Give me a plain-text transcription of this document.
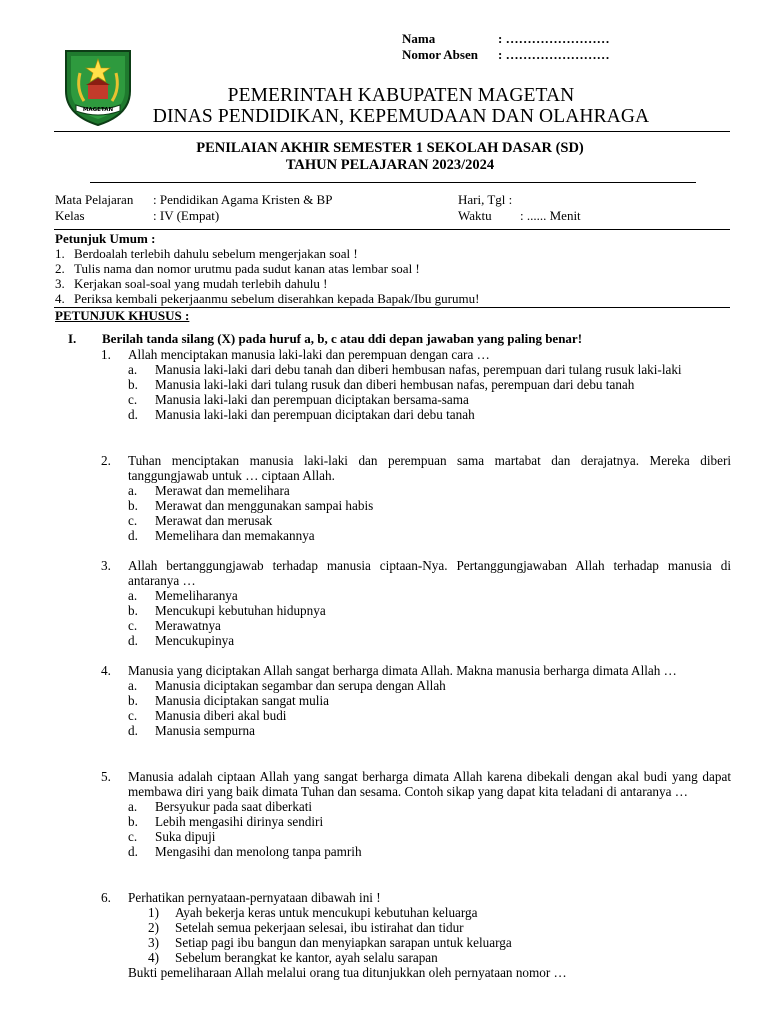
Nama	: ……………………
Nomor Absen	: ……………………
MAGETAN
PEMERINTAH KABUPATEN MAGETAN
DINAS PENDIDIKAN, KEPEMUDAAN DAN OLAHRAGA
PENILAIAN AKHIR SEMESTER 1 SEKOLAH DASAR (SD)
TAHUN PELAJARAN 2023/2024
Mata Pelajaran	: Pendidikan Agama Kristen & BP
Kelas	: IV (Empat)
Hari, Tgl :
Waktu : ...... Menit
Petunjuk Umum :
1. Berdoalah terlebih dahulu sebelum mengerjakan soal !
2. Tulis nama dan nomor urutmu pada sudut kanan atas lembar soal !
3. Kerjakan soal-soal yang mudah terlebih dahulu !
4. Periksa kembali pekerjaanmu sebelum diserahkan kepada Bapak/Ibu gurumu!
PETUNJUK KHUSUS :
I.	Berilah tanda silang (X) pada huruf a, b, c atau ddi depan jawaban yang paling benar!
1.	Allah menciptakan manusia laki-laki dan perempuan dengan cara …
a.	Manusia laki-laki dari debu tanah dan diberi hembusan nafas, perempuan dari tulang rusuk laki-laki
b.	Manusia laki-laki dari tulang rusuk dan diberi hembusan nafas, perempuan dari debu tanah
c.	Manusia laki-laki dan perempuan diciptakan bersama-sama
d.	Manusia laki-laki dan perempuan diciptakan dari debu tanah
2.	Tuhan menciptakan manusia laki-laki dan perempuan sama martabat dan derajatnya. Mereka diberi tanggungjawab untuk … ciptaan Allah.
a.	Merawat dan memelihara
b.	Merawat dan menggunakan sampai habis
c.	Merawat dan merusak
d.	Memelihara dan memakannya
3.	Allah bertanggungjawab terhadap manusia ciptaan-Nya. Pertanggungjawaban Allah terhadap manusia di antaranya …
a.	Memeliharanya
b.	Mencukupi kebutuhan hidupnya
c.	Merawatnya
d.	Mencukupinya
4.	Manusia yang diciptakan Allah sangat berharga dimata Allah. Makna manusia berharga dimata Allah …
a.	Manusia diciptakan segambar dan serupa dengan Allah
b.	Manusia diciptakan sangat mulia
c.	Manusia diberi akal budi
d.	Manusia sempurna
5.	Manusia adalah ciptaan Allah yang sangat berharga dimata Allah karena dibekali dengan akal budi yang dapat membawa diri yang baik dimata Tuhan dan sesama. Contoh sikap yang dapat kita teladani di antaranya …
a.	Bersyukur pada saat diberkati
b.	Lebih mengasihi dirinya sendiri
c.	Suka dipuji
d.	Mengasihi dan menolong tanpa pamrih
6.	Perhatikan pernyataan-pernyataan dibawah ini !
1)	Ayah bekerja keras untuk mencukupi kebutuhan keluarga
2)	Setelah semua pekerjaan selesai, ibu istirahat dan tidur
3)	Setiap pagi ibu bangun dan menyiapkan sarapan untuk keluarga
4)	Sebelum berangkat ke kantor, ayah selalu sarapan
Bukti pemeliharaan Allah melalui orang tua ditunjukkan oleh pernyataan nomor …
